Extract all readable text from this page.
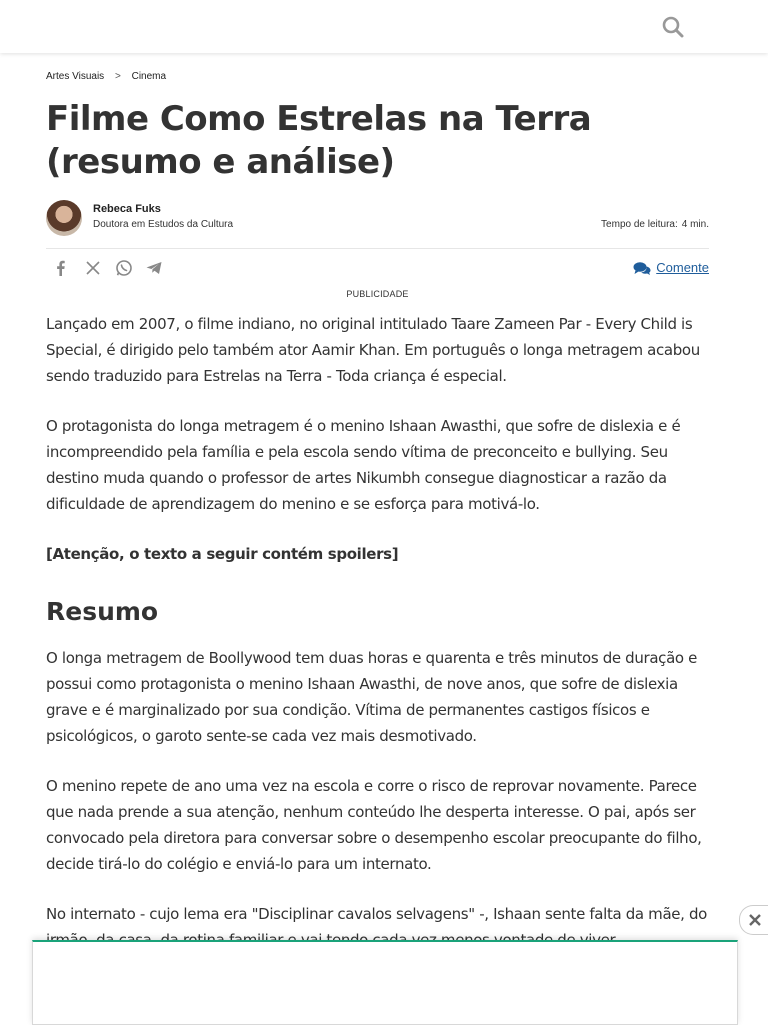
Artes Visuais > Cinema
Filme Como Estrelas na Terra (resumo e análise)
Rebeca Fuks
Doutora em Estudos da Cultura	Tempo de leitura: 4 min.
Comente
PUBLICIDADE

Lançado em 2007, o filme indiano, no original intitulado Taare Zameen Par - Every Child is Special, é dirigido pelo também ator Aamir Khan. Em português o longa metragem acabou sendo traduzido para Estrelas na Terra - Toda criança é especial.

O protagonista do longa metragem é o menino Ishaan Awasthi, que sofre de dislexia e é incompreendido pela família e pela escola sendo vítima de preconceito e bullying. Seu destino muda quando o professor de artes Nikumbh consegue diagnosticar a razão da dificuldade de aprendizagem do menino e se esforça para motivá-lo.

[Atenção, o texto a seguir contém spoilers]

Resumo

O longa metragem de Boollywood tem duas horas e quarenta e três minutos de duração e possui como protagonista o menino Ishaan Awasthi, de nove anos, que sofre de dislexia grave e é marginalizado por sua condição. Vítima de permanentes castigos físicos e psicológicos, o garoto sente-se cada vez mais desmotivado.

O menino repete de ano uma vez na escola e corre o risco de reprovar novamente. Parece que nada prende a sua atenção, nenhum conteúdo lhe desperta interesse. O pai, após ser convocado pela diretora para conversar sobre o desempenho escolar preocupante do filho, decide tirá-lo do colégio e enviá-lo para um internato.

No internato - cujo lema era "Disciplinar cavalos selvagens" -, Ishaan sente falta da mãe, do
